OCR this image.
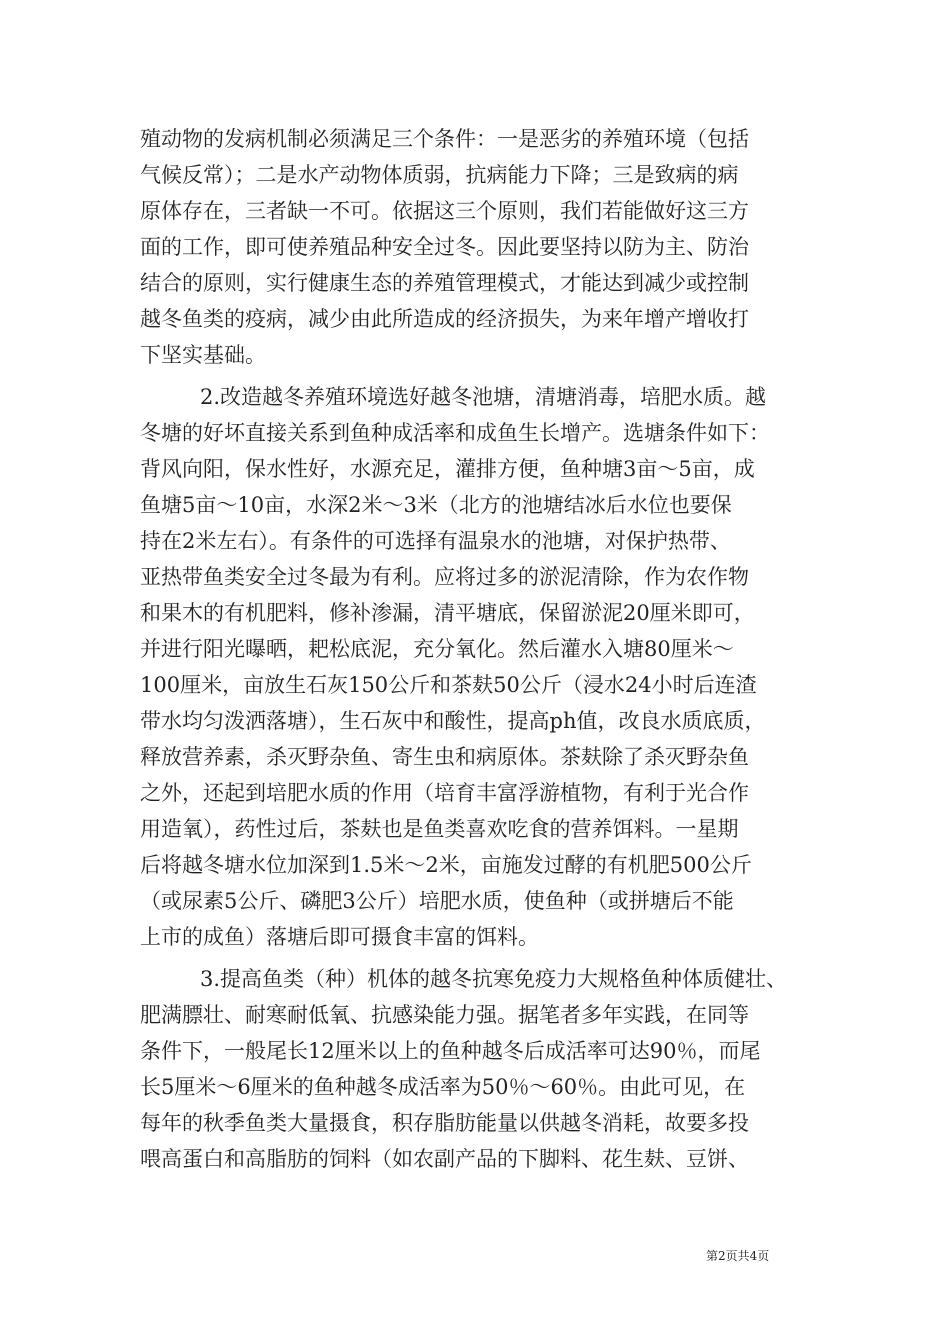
殖动物的发病机制必须满足三个条件：一是恶劣的养殖环境（包括
气候反常）；二是水产动物体质弱，抗病能力下降；三是致病的病
原体存在，三者缺一不可。依据这三个原则，我们若能做好这三方
面的工作，即可使养殖品种安全过冬。因此要坚持以防为主、防治
结合的原则，实行健康生态的养殖管理模式，才能达到减少或控制
越冬鱼类的疫病，减少由此所造成的经济损失，为来年增产增收打
下坚实基础。
2.改造越冬养殖环境选好越冬池塘，清塘消毒，培肥水质。越
冬塘的好坏直接关系到鱼种成活率和成鱼生长增产。选塘条件如下：
背风向阳，保水性好，水源充足，灌排方便，鱼种塘3亩～5亩，成
鱼塘5亩～10亩，水深2米～3米（北方的池塘结冰后水位也要保
持在2米左右）。有条件的可选择有温泉水的池塘，对保护热带、
亚热带鱼类安全过冬最为有利。应将过多的淤泥清除，作为农作物
和果木的有机肥料，修补渗漏，清平塘底，保留淤泥20厘米即可，
并进行阳光曝晒，耙松底泥，充分氧化。然后灌水入塘80厘米～
100厘米，亩放生石灰150公斤和茶麸50公斤（浸水24小时后连渣
带水均匀泼洒落塘），生石灰中和酸性，提高ph值，改良水质底质，
释放营养素，杀灭野杂鱼、寄生虫和病原体。茶麸除了杀灭野杂鱼
之外，还起到培肥水质的作用（培育丰富浮游植物，有利于光合作
用造氧），药性过后，茶麸也是鱼类喜欢吃食的营养饵料。一星期
后将越冬塘水位加深到1.5米～2米，亩施发过酵的有机肥500公斤
（或尿素5公斤、磷肥3公斤）培肥水质，使鱼种（或拼塘后不能
上市的成鱼）落塘后即可摄食丰富的饵料。
3.提高鱼类（种）机体的越冬抗寒免疫力大规格鱼种体质健壮、
肥满膘壮、耐寒耐低氧、抗感染能力强。据笔者多年实践，在同等
条件下，一般尾长12厘米以上的鱼种越冬后成活率可达90％，而尾
长5厘米～6厘米的鱼种越冬成活率为50％～60％。由此可见，在
每年的秋季鱼类大量摄食，积存脂肪能量以供越冬消耗，故要多投
喂高蛋白和高脂肪的饲料（如农副产品的下脚料、花生麸、豆饼、
第2页共4页
